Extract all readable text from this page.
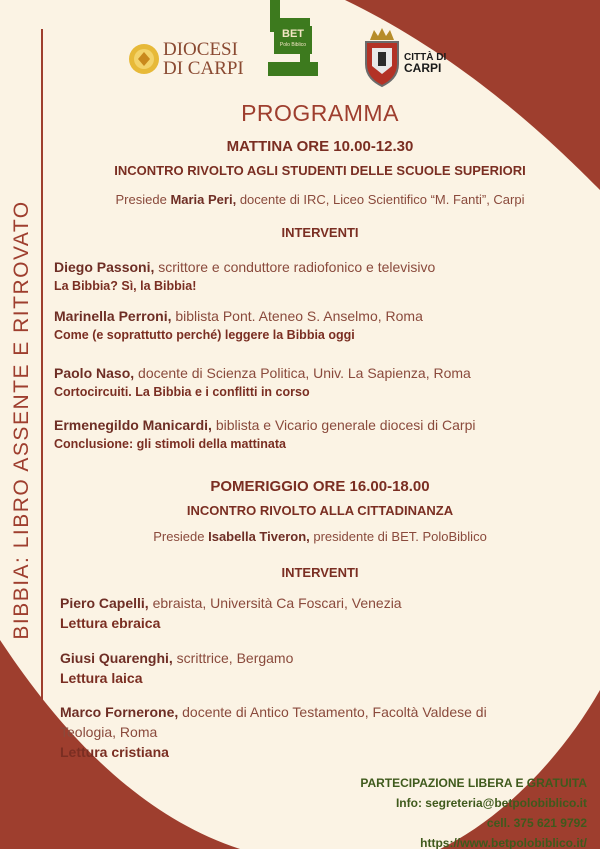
BIBBIA: LIBRO ASSENTE E RITROVATO
DIOCESI
DI CARPI
BET
Polo Biblico
CITTÀ DI
CARPI
PROGRAMMA
MATTINA ORE 10.00-12.30
INCONTRO RIVOLTO AGLI STUDENTI DELLE SCUOLE SUPERIORI
Presiede Maria Peri, docente di IRC, Liceo Scientifico “M. Fanti”, Carpi
INTERVENTI
Diego Passoni, scrittore e conduttore radiofonico e televisivo
La Bibbia? Sì, la Bibbia!
Marinella Perroni, biblista Pont. Ateneo S. Anselmo, Roma
Come (e soprattutto perché) leggere la Bibbia oggi
Paolo Naso, docente di Scienza Politica, Univ. La Sapienza, Roma
Cortocircuiti. La Bibbia e i conflitti in corso
Ermenegildo Manicardi, biblista e Vicario generale diocesi di Carpi
Conclusione: gli stimoli della mattinata
POMERIGGIO ORE 16.00-18.00
INCONTRO RIVOLTO ALLA CITTADINANZA
Presiede Isabella Tiveron, presidente di BET. PoloBiblico
INTERVENTI
Piero Capelli, ebraista, Università Ca Foscari, Venezia
Lettura ebraica
Giusi Quarenghi, scrittrice, Bergamo
Lettura laica
Marco Fornerone, docente di Antico Testamento, Facoltà Valdese di
Teologia, Roma
Lettura cristiana
PARTECIPAZIONE LIBERA E GRATUITA
Info: segreteria@betpolobiblico.it
cell. 375 621 9792
https://www.betpolobiblico.it/
